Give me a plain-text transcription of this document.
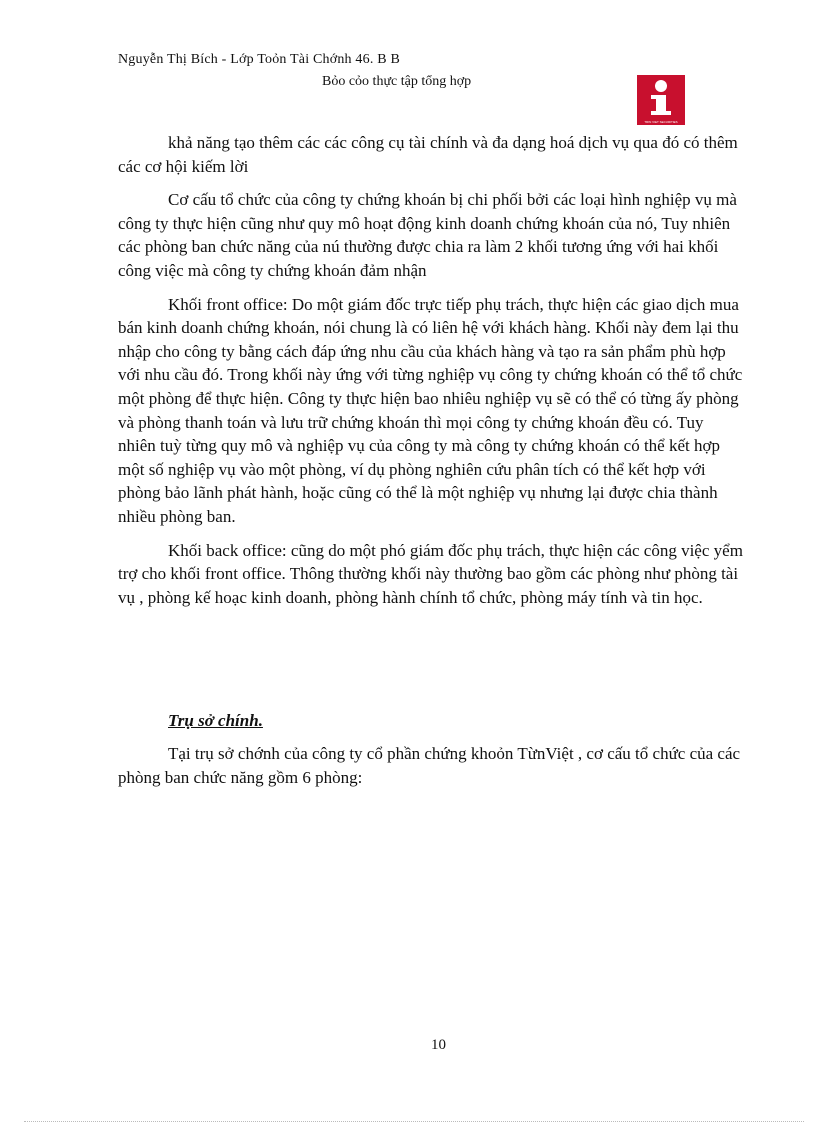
Nguyễn Thị Bích - Lớp Toỏn Tài Chớnh 46. B B
Bỏo cỏo thực tập tổng hợp
TRIN VIET SECURITIES

khả năng tạo thêm các các công cụ tài chính và đa dạng hoá dịch vụ qua đó có thêm các cơ hội kiếm lời

Cơ cấu tổ chức của công ty chứng khoán bị chi phối bởi các loại hình nghiệp vụ mà công ty thực hiện cũng như quy mô hoạt động kinh doanh chứng khoán của nó, Tuy nhiên các phòng ban chức năng của nú thường được chia ra làm 2 khối tương ứng với hai khối công việc mà công ty chứng khoán đảm nhận

Khối front office: Do một giám đốc trực tiếp phụ trách, thực hiện các giao dịch mua bán kinh doanh chứng khoán, nói chung là có liên hệ với khách hàng. Khối này đem lại thu nhập cho công ty bằng cách đáp ứng nhu cầu của khách hàng và tạo ra sản phẩm phù hợp với nhu cầu đó. Trong khối này ứng với từng nghiệp vụ công ty chứng khoán có thể tổ chức một phòng để thực hiện. Công ty thực hiện bao nhiêu nghiệp vụ sẽ có thể có từng ấy phòng và phòng thanh toán và lưu trữ chứng khoán thì mọi công ty chứng khoán đều có. Tuy nhiên tuỳ từng quy mô và nghiệp vụ của công ty mà công ty chứng khoán có thể kết hợp một số nghiệp vụ vào một phòng, ví dụ phòng nghiên cứu phân tích có thể kết hợp với phòng bảo lãnh phát hành, hoặc cũng có thể là một nghiệp vụ nhưng lại được chia thành nhiều phòng ban.

Khối back office: cũng do một phó giám đốc phụ trách, thực hiện các công việc yểm trợ cho khối front office. Thông thường khối này thường bao gồm các phòng như phòng tài vụ , phòng kế hoạc kinh doanh, phòng hành chính tổ chức, phòng máy tính và tin học.

Trụ sở chính.

Tại trụ sở chớnh của công ty cổ phần chứng khoỏn TừnViệt , cơ cấu tổ chức của các phòng ban chức năng gồm 6 phòng:

10
